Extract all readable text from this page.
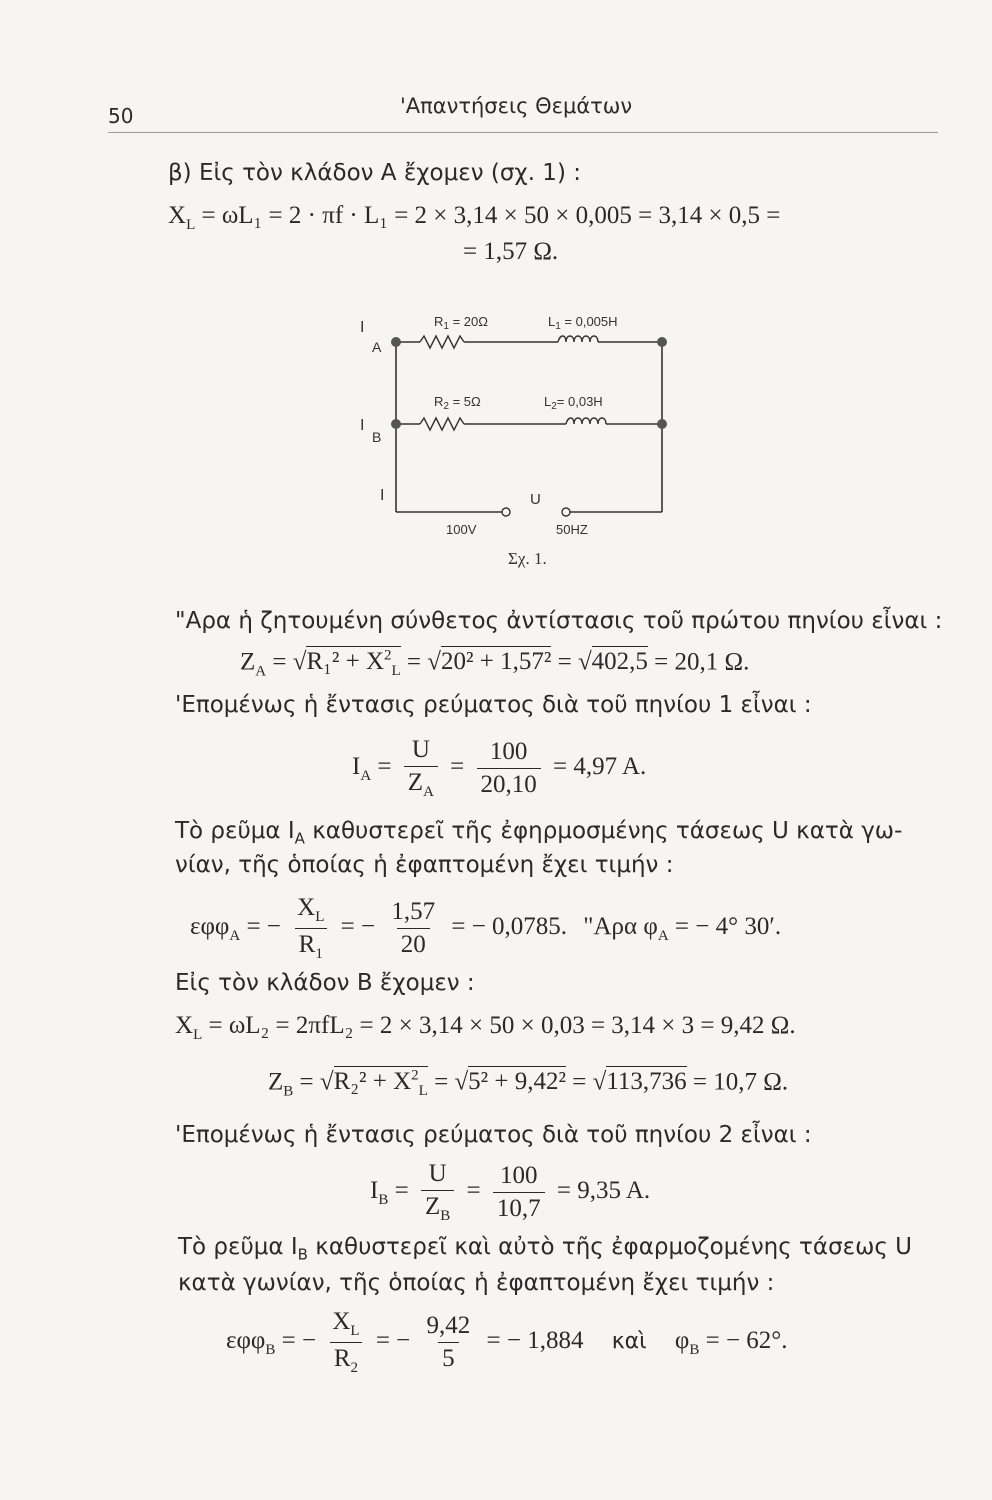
50	'Απαντήσεις Θεμάτων
β) Εἰς τὸν κλάδον Α ἔχομεν (σχ. 1) :
$X_L = \omega L_1 = 2 \cdot \pi f \cdot L_1 = 2 \times 3,14 \times 50 \times 0,005 = 3,14 \times 0,5$ =
= 1,57 Ω.
I
A
I
B
I
$R_1 = 20\Omega$	$L_1 = 0,005H$
$R_2 = 5\Omega$	$L_2= 0,03H$
U
100V	50HZ
Σχ. 1.
"Αρα ἡ ζητουμένη σύνθετος ἀντίστασις τοῦ πρώτου πηνίου εἶναι :
$Z_A = √R_1^2 + X^2_L = √20^2 + 1,57^2 = √402,5 = 20,1$ Ω.
'Επομένως ἡ ἔντασις ρεύματος διὰ τοῦ πηνίου 1 εἶναι :
$I_A = \frac{U}{Z_A} = \frac{100}{20,10} = 4,97$ A.
Τὸ ρεῦμα $I_A$ καθυστερεῖ τῆς ἐφηρμοσμένης τάσεως U κατὰ γω-
νίαν, τῆς ὁποίας ἡ ἐφαπτομένη ἔχει τιμήν :
εφφ$_A$ = − $\frac{X_L}{R_1}$ = − $\frac{1,57}{20}$ = − 0,0785. "Αρα $\varphi_A$ = − 4° 30′.
Εἰς τὸν κλάδον Β ἔχομεν :
$X_L = \omega L_2 = 2\pi fL_2 = 2 \times 3,14 \times 50 \times 0,03 = 3,14 \times 3 = 9,42$ Ω.
$Z_B = √R_2^2 + X^2_L = √5^2 + 9,42^2 = √113,736 = 10,7$ Ω.
'Επομένως ἡ ἔντασις ρεύματος διὰ τοῦ πηνίου 2 εἶναι :
$I_B = \frac{U}{Z_B} = \frac{100}{10,7} = 9,35$ A.
Τὸ ρεῦμα $I_B$ καθυστερεῖ καὶ αὐτὸ τῆς ἐφαρμοζομένης τάσεως U
κατὰ γωνίαν, τῆς ὁποίας ἡ ἐφαπτομένη ἔχει τιμήν :
εφφ$_B$ = − $\frac{X_L}{R_2}$ = − $\frac{9,42}{5}$ = − 1,884 καὶ $\varphi_B$ = − 62°.
